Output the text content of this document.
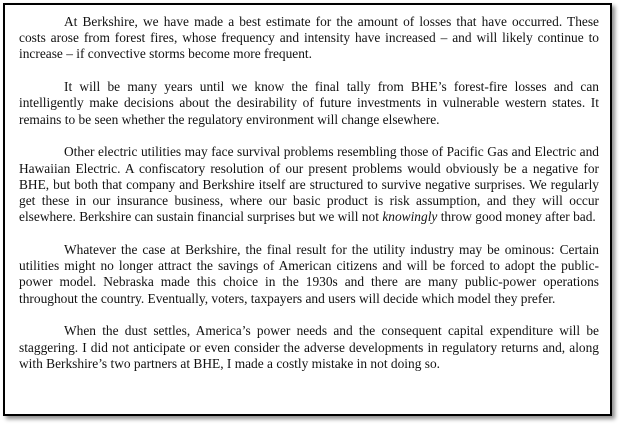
At Berkshire, we have made a best estimate for the amount of losses that have occurred. These costs arose from forest fires, whose frequency and intensity have increased – and will likely continue to increase – if convective storms become more frequent.

It will be many years until we know the final tally from BHE’s forest-fire losses and can intelligently make decisions about the desirability of future investments in vulnerable western states. It remains to be seen whether the regulatory environment will change elsewhere.

Other electric utilities may face survival problems resembling those of Pacific Gas and Electric and Hawaiian Electric. A confiscatory resolution of our present problems would obviously be a negative for BHE, but both that company and Berkshire itself are structured to survive negative surprises. We regularly get these in our insurance business, where our basic product is risk assumption, and they will occur elsewhere. Berkshire can sustain financial surprises but we will not knowingly throw good money after bad.

Whatever the case at Berkshire, the final result for the utility industry may be ominous: Certain utilities might no longer attract the savings of American citizens and will be forced to adopt the public-power model. Nebraska made this choice in the 1930s and there are many public-power operations throughout the country. Eventually, voters, taxpayers and users will decide which model they prefer.

When the dust settles, America’s power needs and the consequent capital expenditure will be staggering. I did not anticipate or even consider the adverse developments in regulatory returns and, along with Berkshire’s two partners at BHE, I made a costly mistake in not doing so.
